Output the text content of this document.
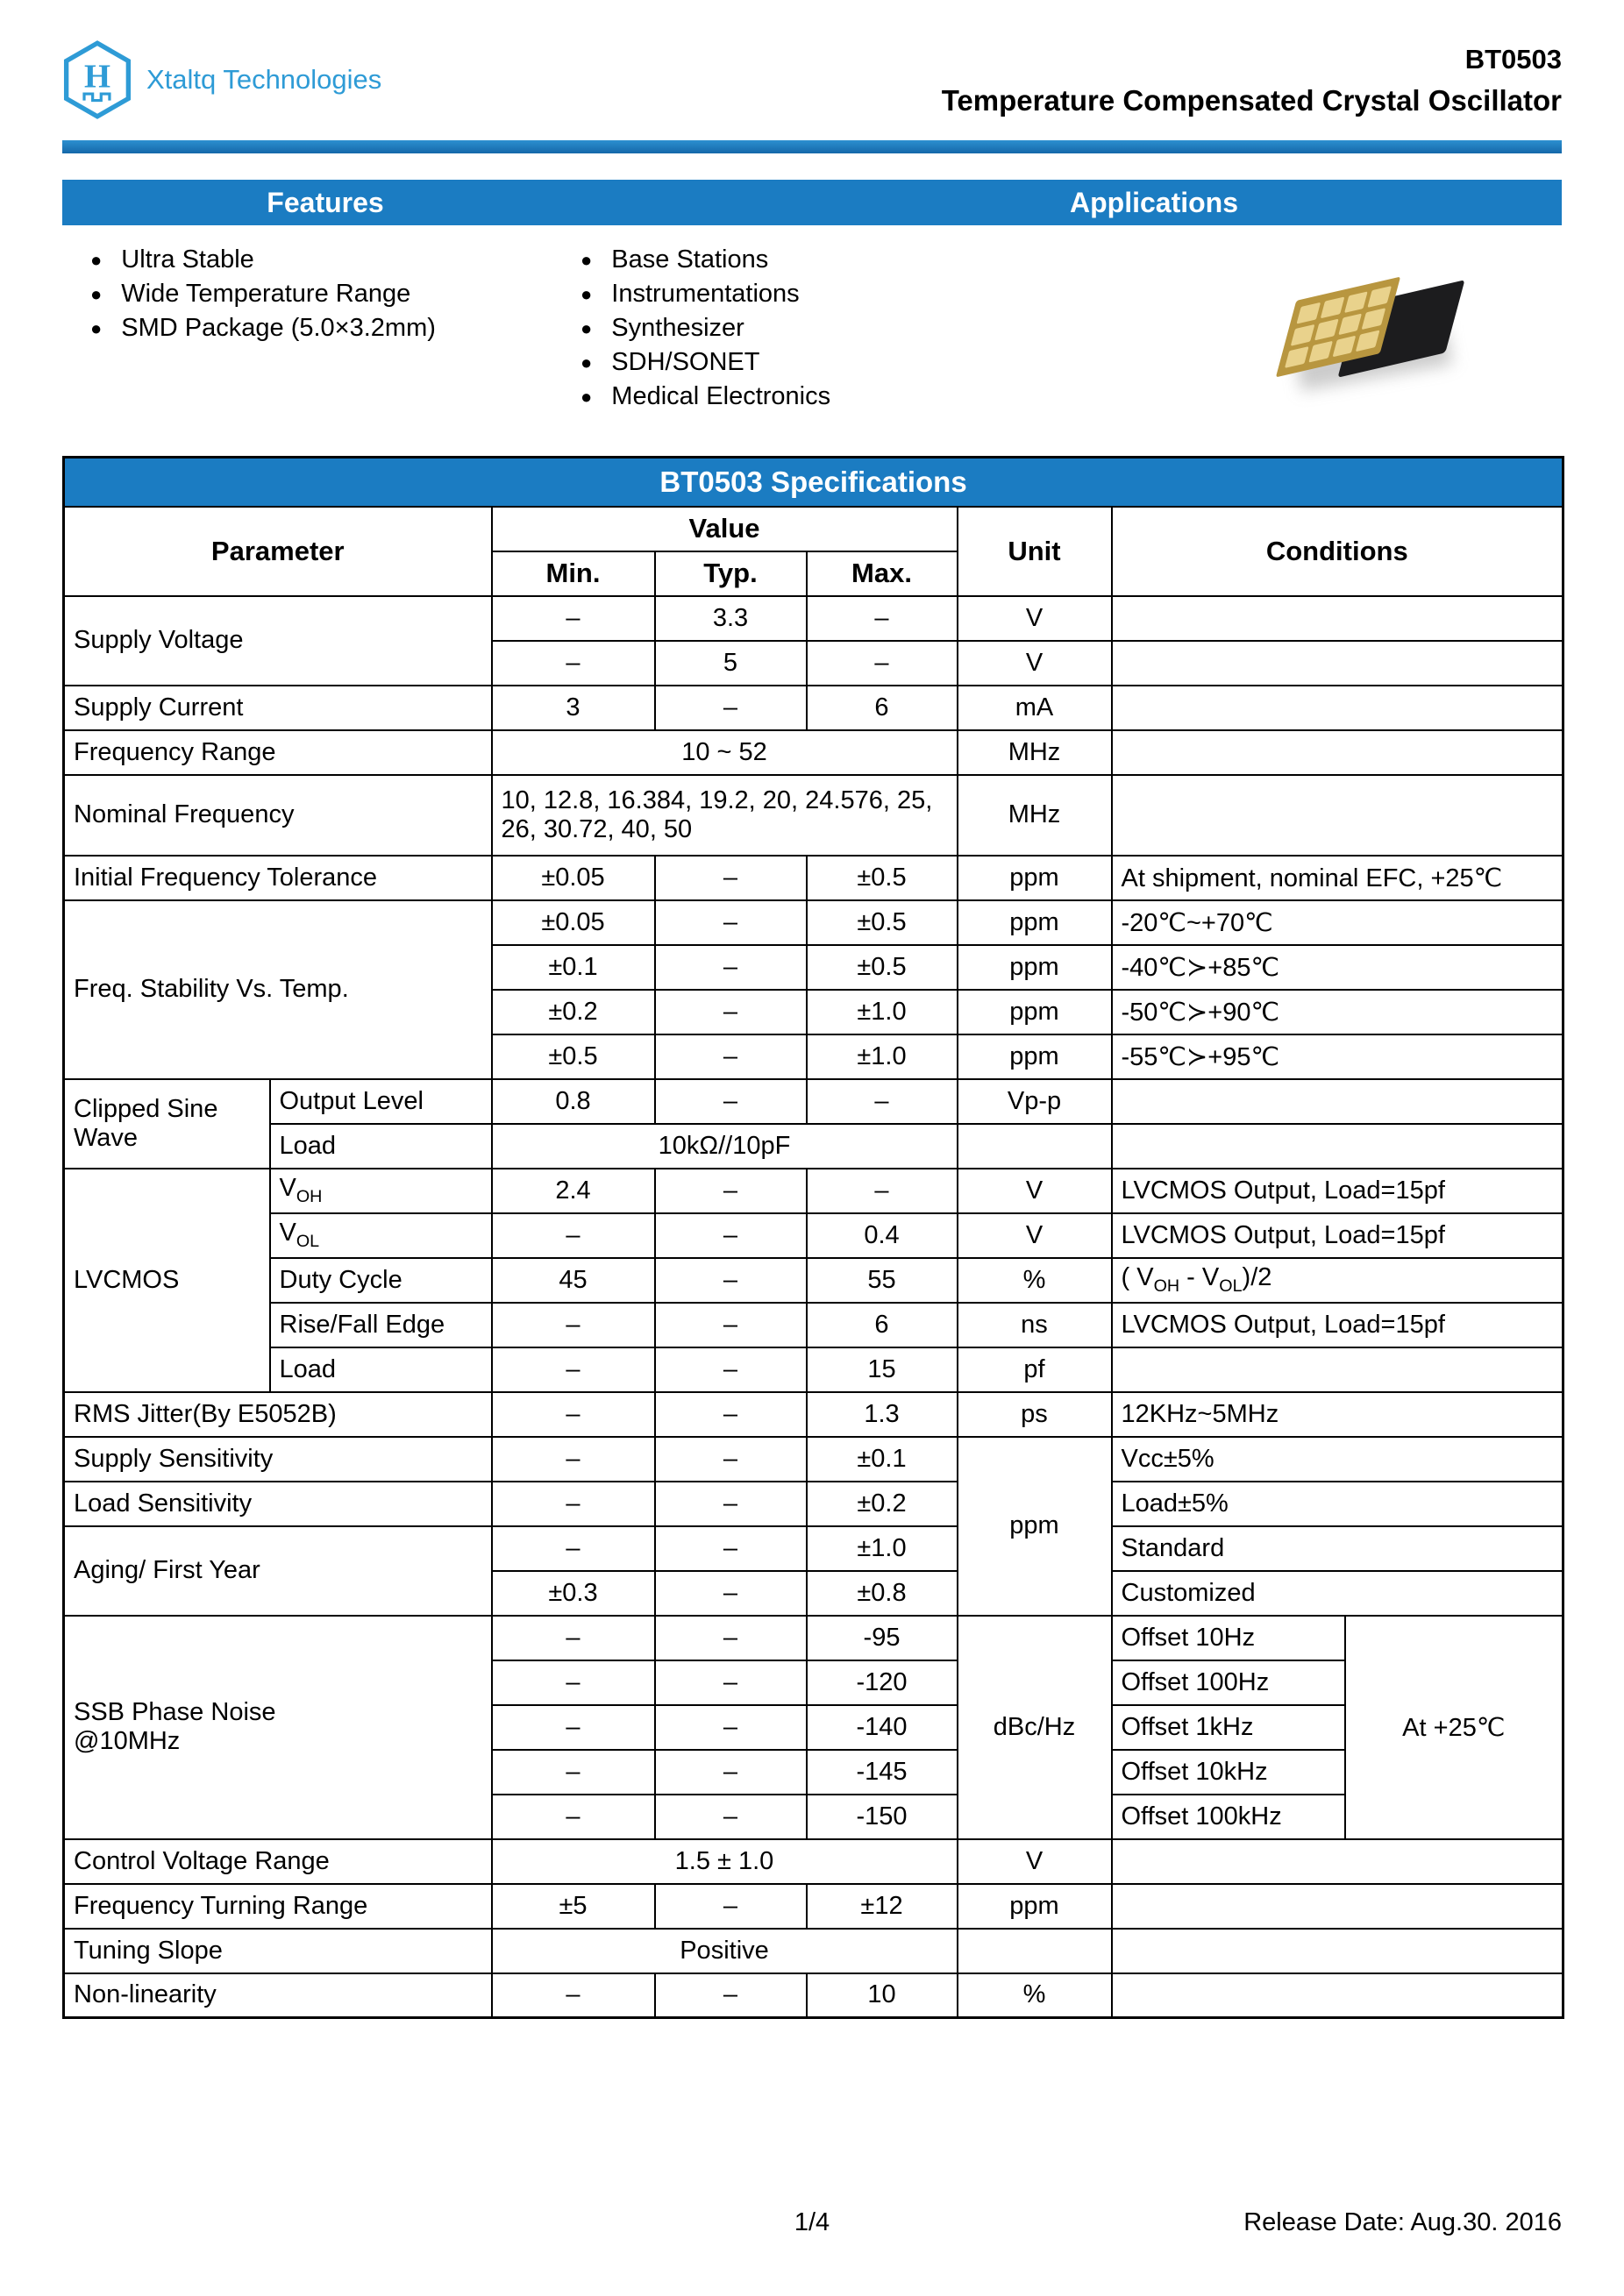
H Xtaltq Technologies
BT0503
Temperature Compensated Crystal Oscillator
Features	Applications
● Ultra Stable
● Wide Temperature Range
● SMD Package (5.0×3.2mm)
● Base Stations
● Instrumentations
● Synthesizer
● SDH/SONET
● Medical Electronics
BT0503 Specifications							
Parameter		Value			Unit	Conditions	
		Min.	Typ.	Max.			
Supply Voltage		–	3.3	–	V		
		–	5	–	V		
Supply Current		3	–	6	mA		
Frequency Range		10 ~ 52			MHz		
Nominal Frequency		10, 12.8, 16.384, 19.2, 20, 24.576, 25, 26, 30.72, 40, 50			MHz		
Initial Frequency Tolerance		±0.05	–	±0.5	ppm	At shipment, nominal EFC, +25℃	
Freq. Stability Vs. Temp.		±0.05	–	±0.5	ppm	-20℃~+70℃	
		±0.1	–	±0.5	ppm	-40℃≻+85℃	
		±0.2	–	±1.0	ppm	-50℃≻+90℃	
		±0.5	–	±1.0	ppm	-55℃≻+95℃	
Clipped Sine Wave	Output Level	0.8	–	–	Vp-p		
	Load	10kΩ//10pF					
LVCMOS	$V_{OH}$	2.4	–	–	V	LVCMOS Output, Load=15pf	
	$V_{OL}$	–	–	0.4	V	LVCMOS Output, Load=15pf	
	Duty Cycle	45	–	55	%	( $V_{OH} - V_{OL})/2$	
	Rise/Fall Edge	–	–	6	ns	LVCMOS Output, Load=15pf	
	Load	–	–	15	pf		
RMS Jitter(By E5052B)		–	–	1.3	ps	12KHz~5MHz	
Supply Sensitivity		–	–	±0.1	ppm	Vcc±5%	
Load Sensitivity		–	–	±0.2		Load±5%	
Aging/ First Year		–	–	±1.0		Standard	
		±0.3	–	±0.8		Customized	

SSB Phase Noise
@10MHz		–	–	-95	dBc/Hz	Offset 10Hz	At +25℃
		–	–	-120		Offset 100Hz	
		–	–	-140		Offset 1kHz	
		–	–	-145		Offset 10kHz	
		–	–	-150		Offset 100kHz	
Control Voltage Range		1.5 ± 1.0			V		
Frequency Turning Range		±5	–	±12	ppm		
Tuning Slope		Positive					
Non-linearity		–	–	10	%		
1/4	Release Date: Aug.30. 2016
